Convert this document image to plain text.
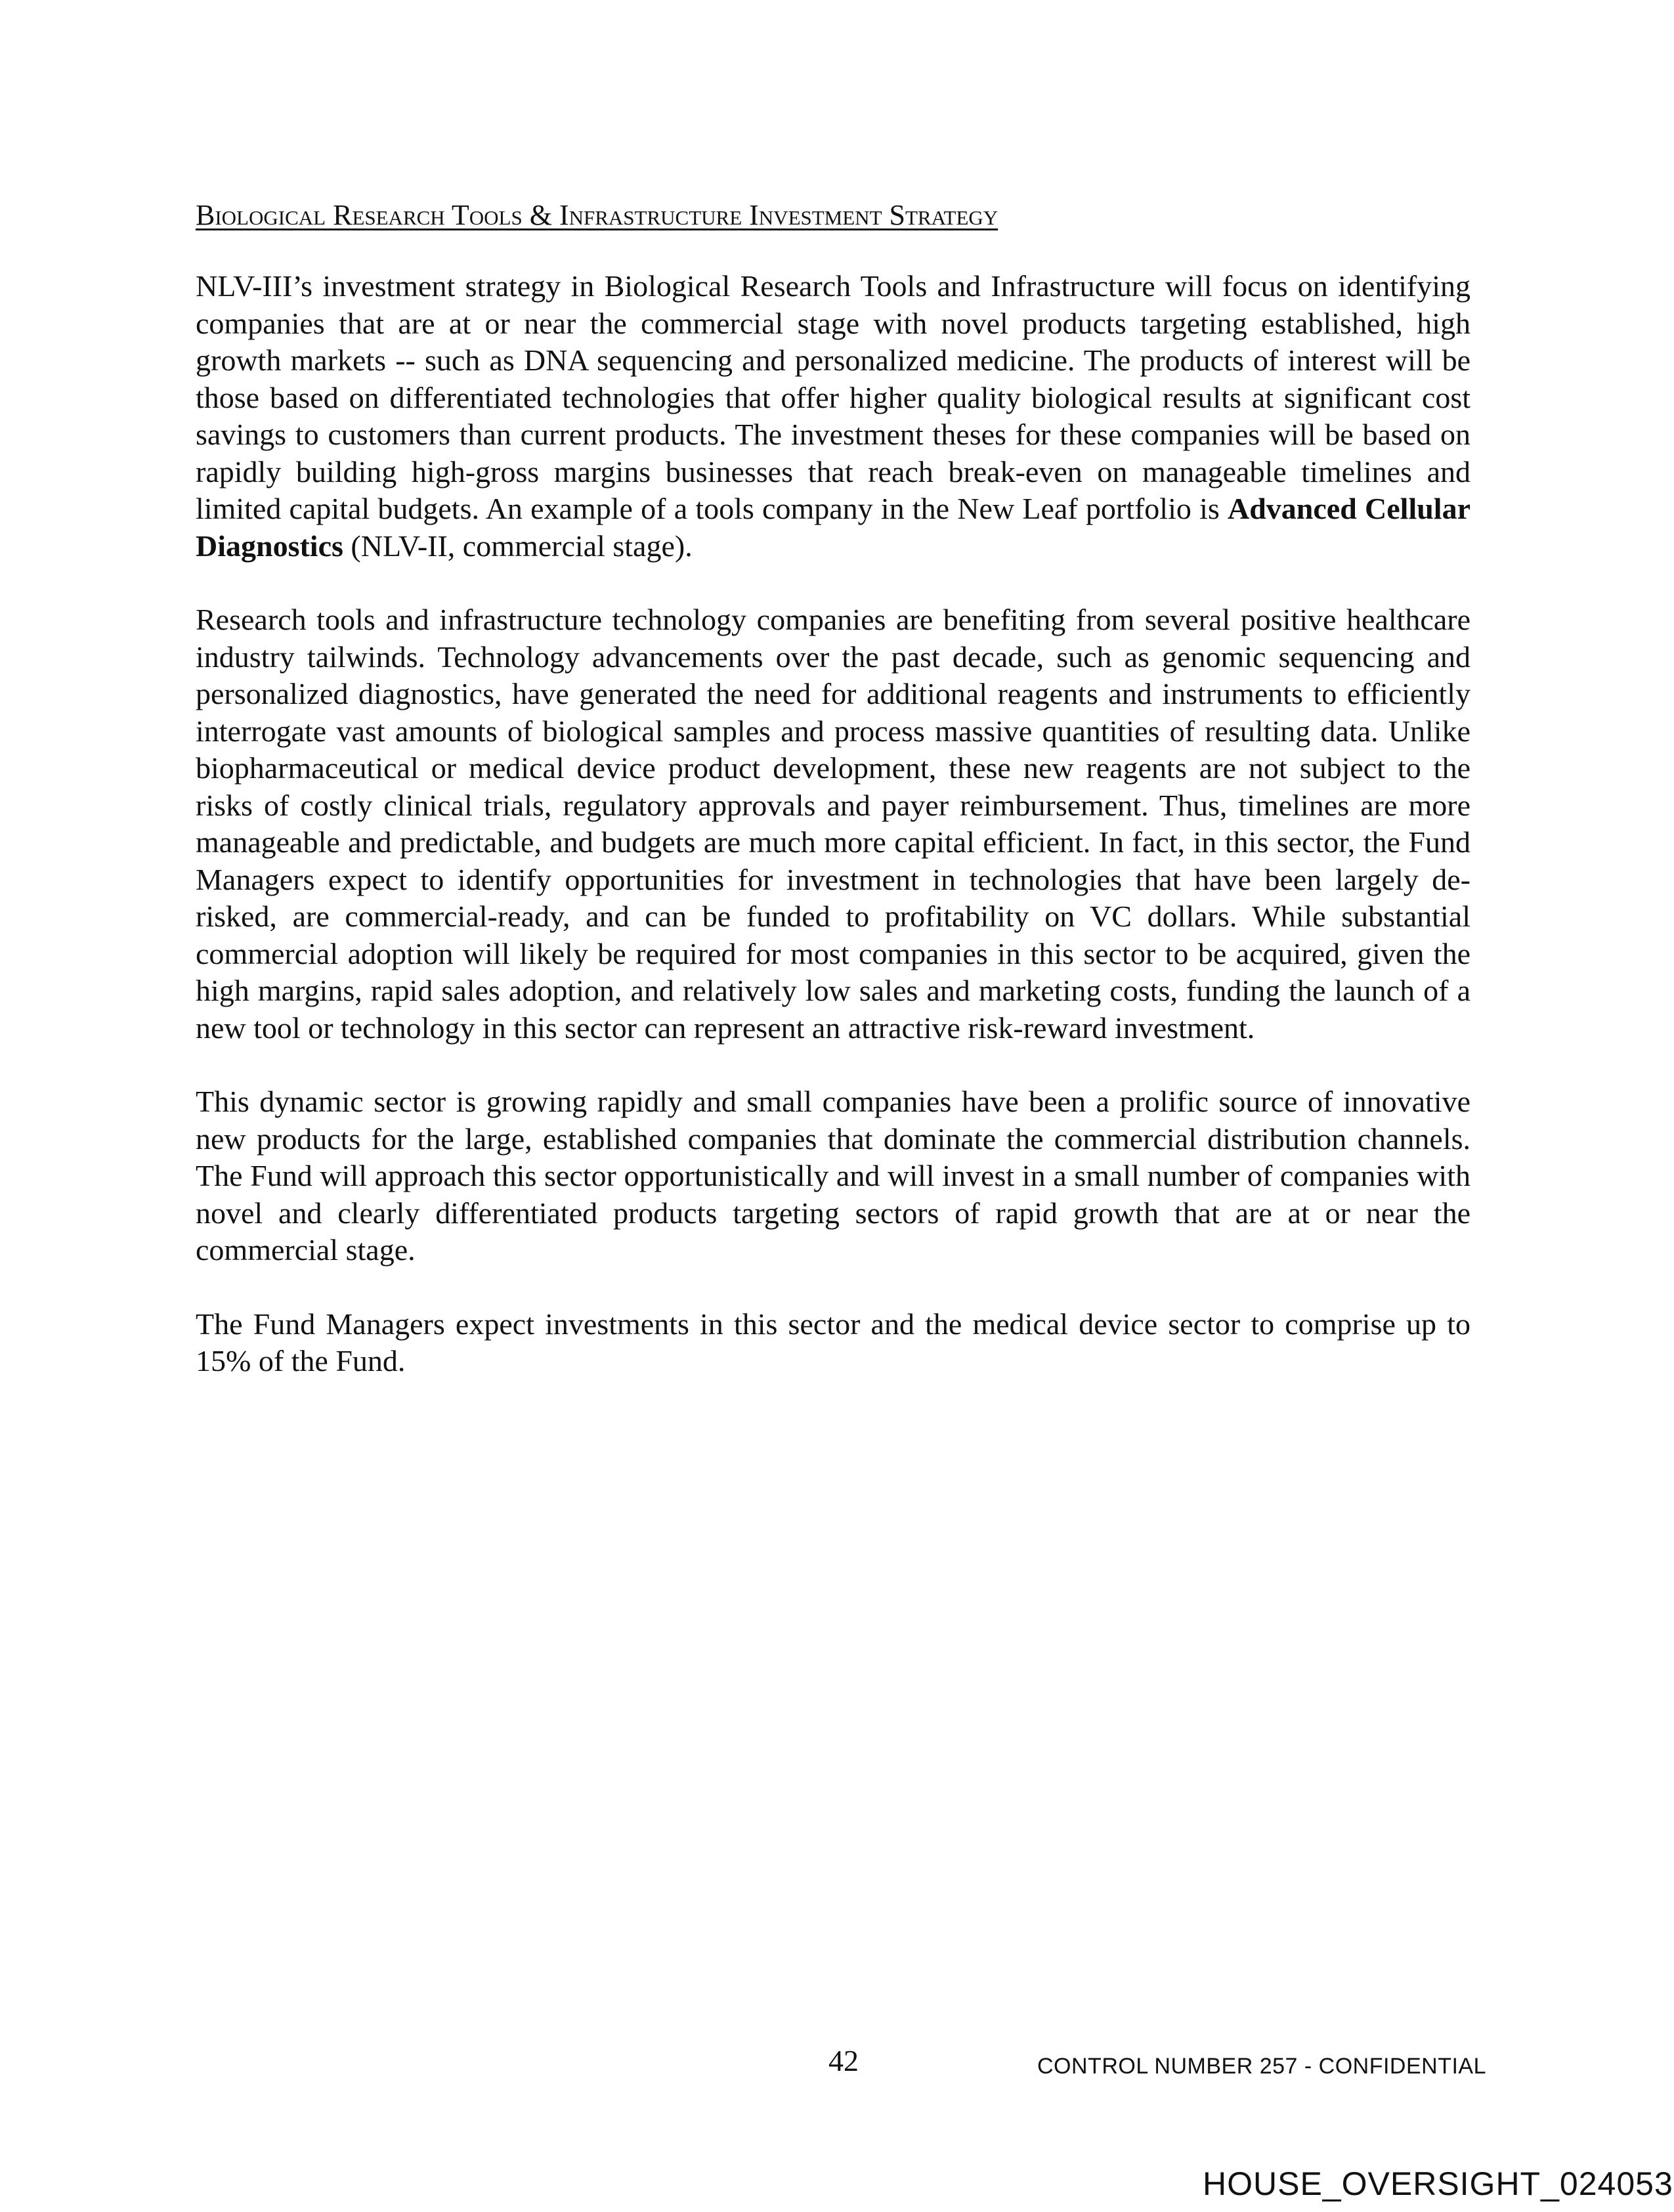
Biological Research Tools & Infrastructure Investment Strategy

NLV-III’s investment strategy in Biological Research Tools and Infrastructure will focus on identifying companies that are at or near the commercial stage with novel products targeting established, high growth markets -- such as DNA sequencing and personalized medicine. The products of interest will be those based on differentiated technologies that offer higher quality biological results at significant cost savings to customers than current products. The investment theses for these companies will be based on rapidly building high-gross margins businesses that reach break-even on manageable timelines and limited capital budgets. An example of a tools company in the New Leaf portfolio is Advanced Cellular Diagnostics (NLV-II, commercial stage).

Research tools and infrastructure technology companies are benefiting from several positive healthcare industry tailwinds. Technology advancements over the past decade, such as genomic sequencing and personalized diagnostics, have generated the need for additional reagents and instruments to efficiently interrogate vast amounts of biological samples and process massive quantities of resulting data. Unlike biopharmaceutical or medical device product development, these new reagents are not subject to the risks of costly clinical trials, regulatory approvals and payer reimbursement. Thus, timelines are more manageable and predictable, and budgets are much more capital efficient. In fact, in this sector, the Fund Managers expect to identify opportunities for investment in technologies that have been largely de-risked, are commercial-ready, and can be funded to profitability on VC dollars. While substantial commercial adoption will likely be required for most companies in this sector to be acquired, given the high margins, rapid sales adoption, and relatively low sales and marketing costs, funding the launch of a new tool or technology in this sector can represent an attractive risk-reward investment.

This dynamic sector is growing rapidly and small companies have been a prolific source of innovative new products for the large, established companies that dominate the commercial distribution channels. The Fund will approach this sector opportunistically and will invest in a small number of companies with novel and clearly differentiated products targeting sectors of rapid growth that are at or near the commercial stage.

The Fund Managers expect investments in this sector and the medical device sector to comprise up to 15% of the Fund.

42	CONTROL NUMBER 257 - CONFIDENTIAL
HOUSE_OVERSIGHT_024053
